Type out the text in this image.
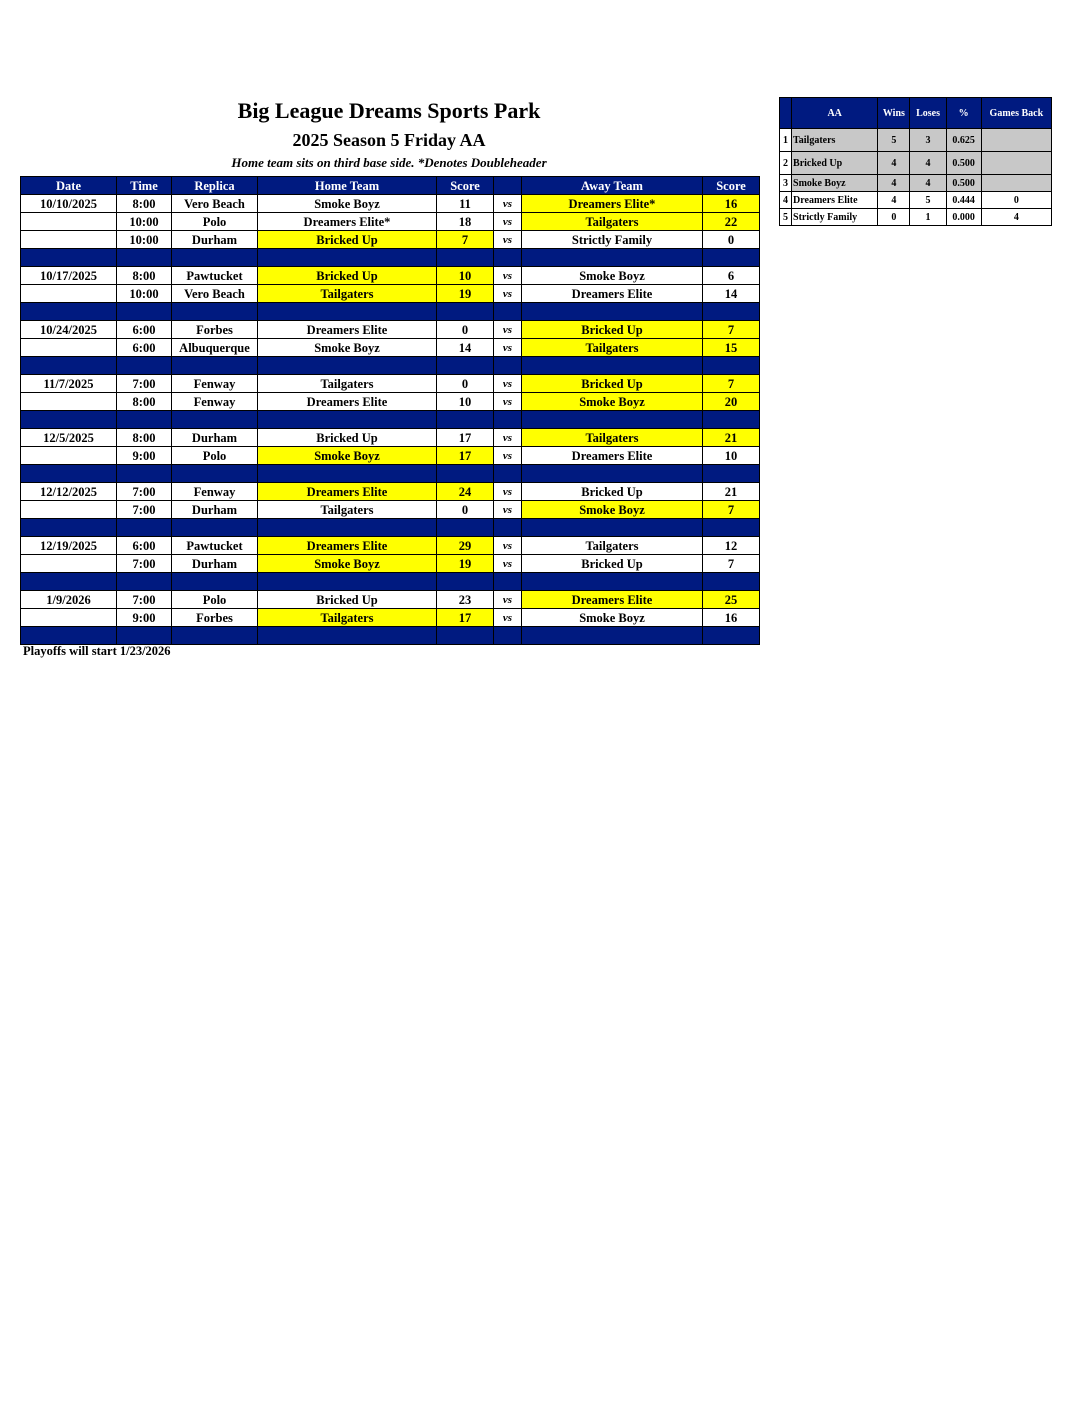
Big League Dreams Sports Park
2025 Season 5 Friday AA
Home team sits on third base side. *Denotes Doubleheader
Date	Time	Replica	Home Team	Score		Away Team	Score
10/10/2025	8:00	Vero Beach	Smoke Boyz	11	vs	Dreamers Elite*	16
	10:00	Polo	Dreamers Elite*	18	vs	Tailgaters	22
	10:00	Durham	Bricked Up	7	vs	Strictly Family	0

10/17/2025	8:00	Pawtucket	Bricked Up	10	vs	Smoke Boyz	6
	10:00	Vero Beach	Tailgaters	19	vs	Dreamers Elite	14

10/24/2025	6:00	Forbes	Dreamers Elite	0	vs	Bricked Up	7
	6:00	Albuquerque	Smoke Boyz	14	vs	Tailgaters	15

11/7/2025	7:00	Fenway	Tailgaters	0	vs	Bricked Up	7
	8:00	Fenway	Dreamers Elite	10	vs	Smoke Boyz	20

12/5/2025	8:00	Durham	Bricked Up	17	vs	Tailgaters	21
	9:00	Polo	Smoke Boyz	17	vs	Dreamers Elite	10

12/12/2025	7:00	Fenway	Dreamers Elite	24	vs	Bricked Up	21
	7:00	Durham	Tailgaters	0	vs	Smoke Boyz	7

12/19/2025	6:00	Pawtucket	Dreamers Elite	29	vs	Tailgaters	12
	7:00	Durham	Smoke Boyz	19	vs	Bricked Up	7

1/9/2026	7:00	Polo	Bricked Up	23	vs	Dreamers Elite	25
	9:00	Forbes	Tailgaters	17	vs	Smoke Boyz	16

	AA	Wins	Loses	%	Games Back
1	Tailgaters	5	3	0.625	
2	Bricked Up	4	4	0.500	
3	Smoke Boyz	4	4	0.500	
4	Dreamers Elite	4	5	0.444	0
5	Strictly Family	0	1	0.000	4
Playoffs will start 1/23/2026
